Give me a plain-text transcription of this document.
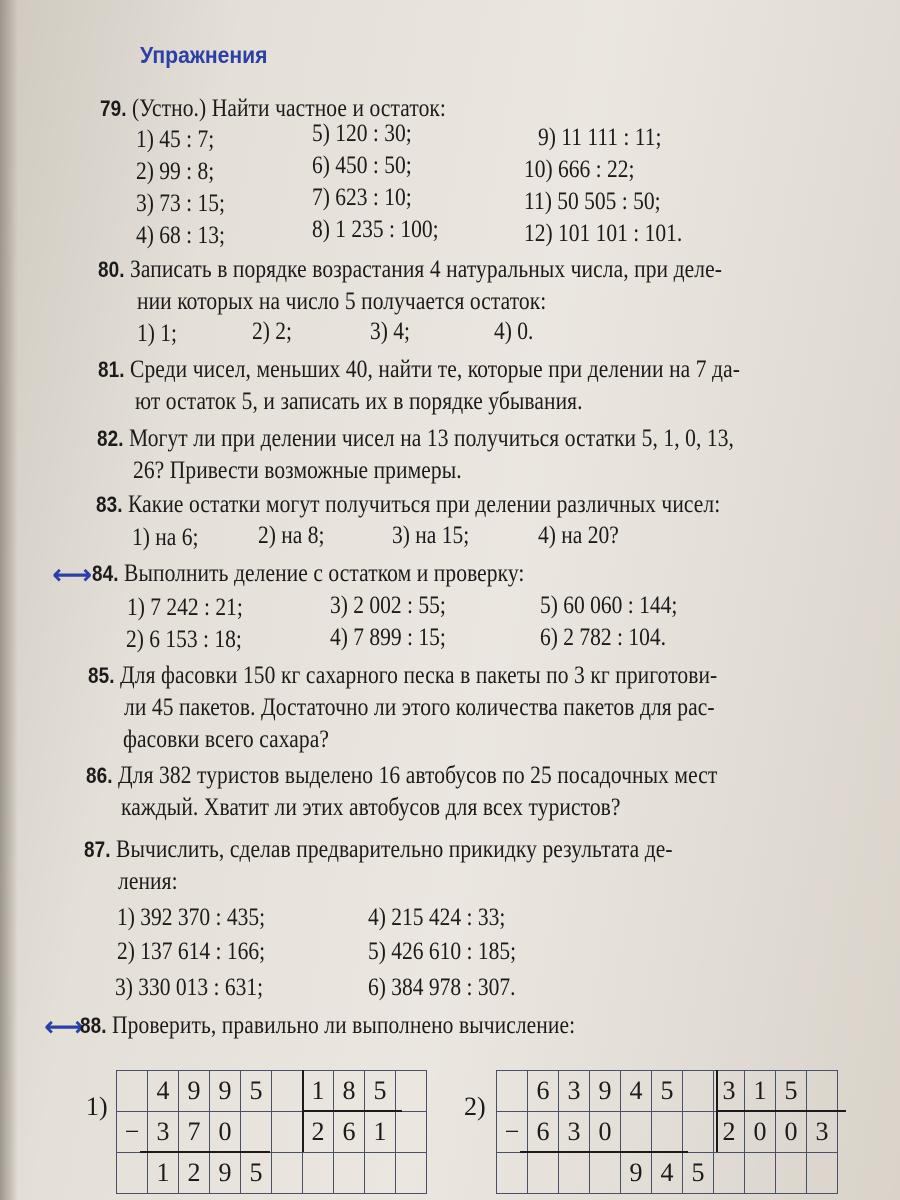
Упражнения
79. (Устно.) Найти частное и остаток:
1) 45 : 7;
2) 99 : 8;
3) 73 : 15;
4) 68 : 13;
5) 120 : 30;
6) 450 : 50;
7) 623 : 10;
8) 1 235 : 100;
9) 11 111 : 11;
10) 666 : 22;
11) 50 505 : 50;
12) 101 101 : 101.
80. Записать в порядке возрастания 4 натуральных числа, при деле-
нии которых на число 5 получается остаток:
1) 1;	2) 2;	3) 4;	4) 0.
81. Среди чисел, меньших 40, найти те, которые при делении на 7 да-
ют остаток 5, и записать их в порядке убывания.
82. Могут ли при делении чисел на 13 получиться остатки 5, 1, 0, 13,
26? Привести возможные примеры.
83. Какие остатки могут получиться при делении различных чисел:
1) на 6; 2) на 8;	3) на 15;	4) на 20?
⟷ 84. Выполнить деление с остатком и проверку:
1) 7 242 : 21;
2) 6 153 : 18;
3) 2 002 : 55;
4) 7 899 : 15;
5) 60 060 : 144;
6) 2 782 : 104.
85. Для фасовки 150 кг сахарного песка в пакеты по 3 кг приготови-
ли 45 пакетов. Достаточно ли этого количества пакетов для рас-
фасовки всего сахара?
86. Для 382 туристов выделено 16 автобусов по 25 посадочных мест
каждый. Хватит ли этих автобусов для всех туристов?
87. Вычислить, сделав предварительно прикидку результата де-
ления:
1) 392 370 : 435;
2) 137 614 : 166;
3) 330 013 : 631;
4) 215 424 : 33;
5) 426 610 : 185;
6) 384 978 : 307.
⟷
88. Проверить, правильно ли выполнено вычисление:
1)	2)
4 9 9 5	1 8 5
− 3 7 0	2 6 1
1 2 9 5
6 3 9 4 5	3 1 5
− 6 3 0	2 0 0 3
9 4 5
